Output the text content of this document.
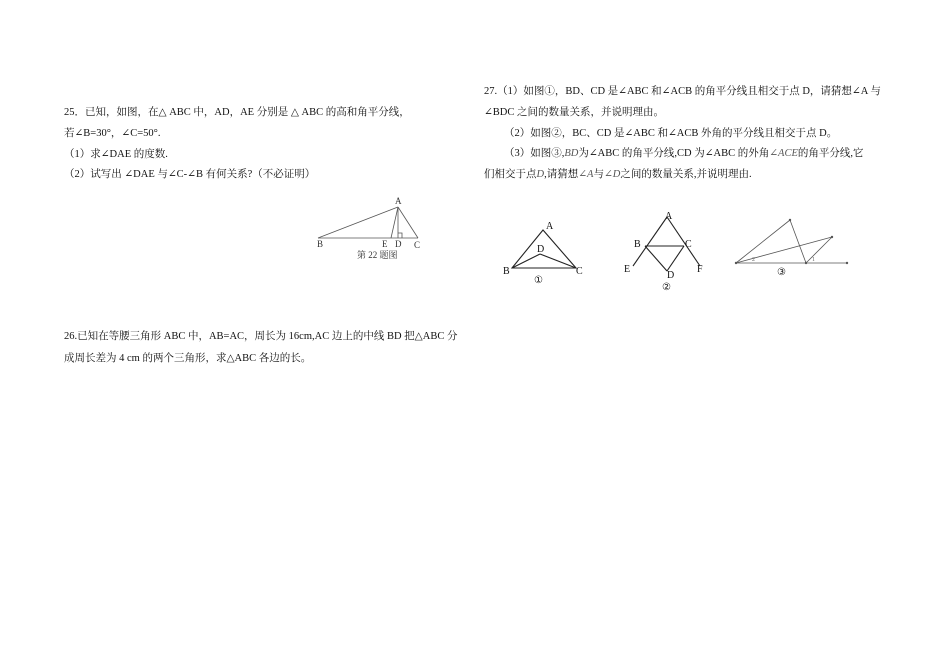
25．已知，如图，在△ ABC 中，AD，AE 分别是 △ ABC 的高和角平分线，
若∠B=30°，∠C=50°.
（1）求∠DAE 的度数.
（2）试写出 ∠DAE 与∠C-∠B 有何关系?（不必证明）
A
B	E D C
第 22 题图
26.已知在等腰三角形 ABC 中，AB=AC，周长为 16cm,AC 边上的中线 BD 把△ABC 分
成周长差为 4 cm 的两个三角形，求△ABC 各边的长。
27.（1）如图①，BD、CD 是∠ABC 和∠ACB 的角平分线且相交于点 D，请猜想∠A 与
∠BDC 之间的数量关系，并说明理由。
（2）如图②，BC、CD 是∠ABC 和∠ACB 外角的平分线且相交于点 D。
（3）如图③,BD为∠ABC 的角平分线,CD 为∠ABC 的外角∠ACE的角平分线,它
们相交于点D,请猜想∠A与∠D之间的数量关系,并说明理由.
A
D
B	C
①
A
B	C
E
D
F
②
2	1
③
